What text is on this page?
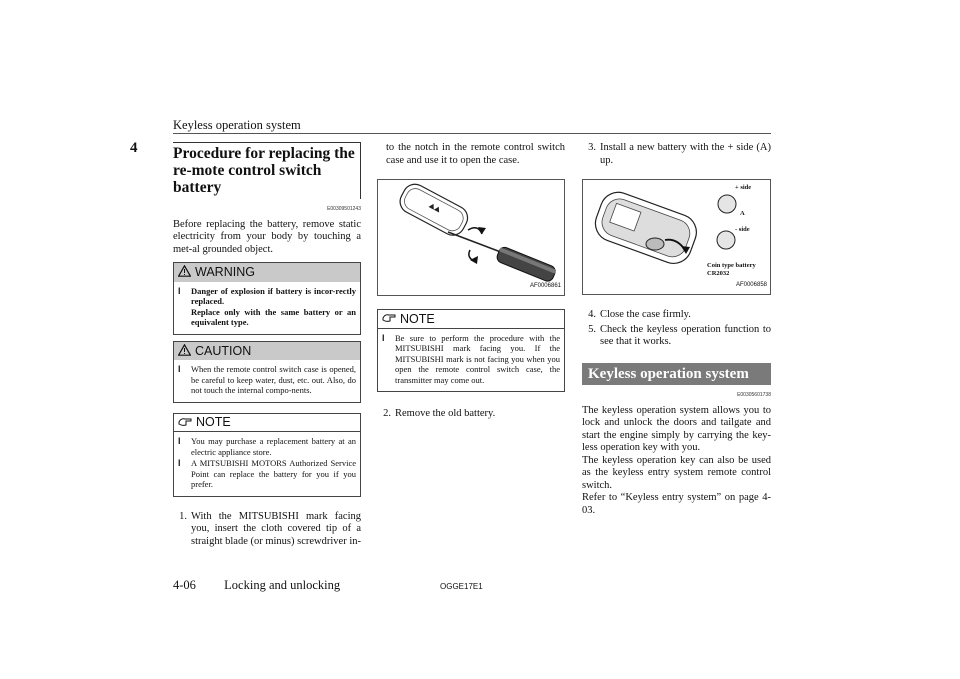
Keyless operation system
4	Procedure for replacing the re-mote control switch battery
E00309501243

Before replacing the battery, remove static electricity from your body by touching a met-al grounded object.

WARNING
l	Danger of explosion if battery is incor-rectly replaced.
Replace only with the same battery or an equivalent type.
CAUTION
l	When the remote control switch case is opened, be careful to keep water, dust, etc. out. Also, do not touch the internal compo-nents.
NOTE
l	You may purchase a replacement battery at an electric appliance store.
l	A MITSUBISHI MOTORS Authorized Service Point can replace the battery for you if you prefer.
1. With the MITSUBISHI mark facing you, insert the cloth covered tip of a straight blade (or minus) screwdriver in-

to the notch in the remote control switch case and use it to open the case.

AF0006861
NOTE
l	Be sure to perform the procedure with the MITSUBISHI mark facing you. If the MITSUBISHI mark is not facing you when you open the remote control switch case, the transmitter may come out.
2. Remove the old battery.
3. Install a new battery with the + side (A) up.
+ side
A
- side
Coin type battery
CR2032
AF0006858
4. Close the case firmly.
5. Check the keyless operation function to see that it works.
Keyless operation system
E00305601738

The keyless operation system allows you to lock and unlock the doors and tailgate and start the engine simply by carrying the key-less operation key with you.

The keyless operation key can also be used as the keyless entry system remote control switch.

Refer to “Keyless entry system” on page 4-03.

4-06 Locking and unlocking	OGGE17E1
